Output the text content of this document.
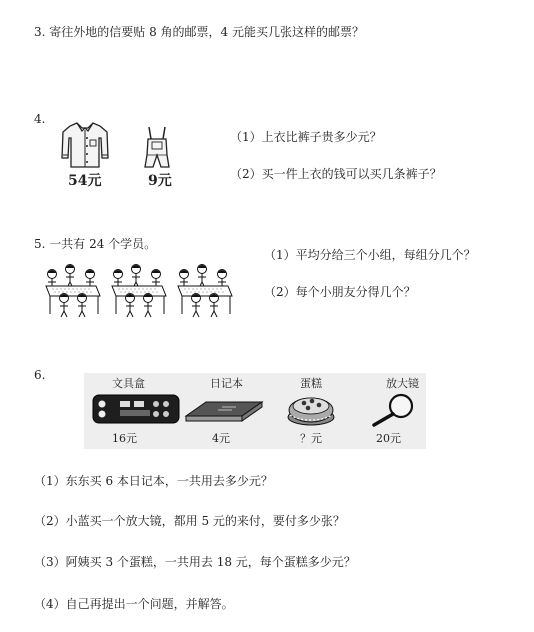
3. 寄往外地的信要贴 8 角的邮票，4 元能买几张这样的邮票？
4.
54元	9元
（1）上衣比裤子贵多少元？
（2）买一件上衣的钱可以买几条裤子？
5. 一共有 24 个学员。
（1）平均分给三个小组，每组分几个？
（2）每个小朋友分得几个？
6.
文具盒	日记本	蛋糕	放大镜
16元	4元	？元	20元
（1）东东买 6 本日记本，一共用去多少元？
（2）小蓝买一个放大镜，都用 5 元的来付，要付多少张？
（3）阿姨买 3 个蛋糕，一共用去 18 元，每个蛋糕多少元？
（4）自己再提出一个问题，并解答。
